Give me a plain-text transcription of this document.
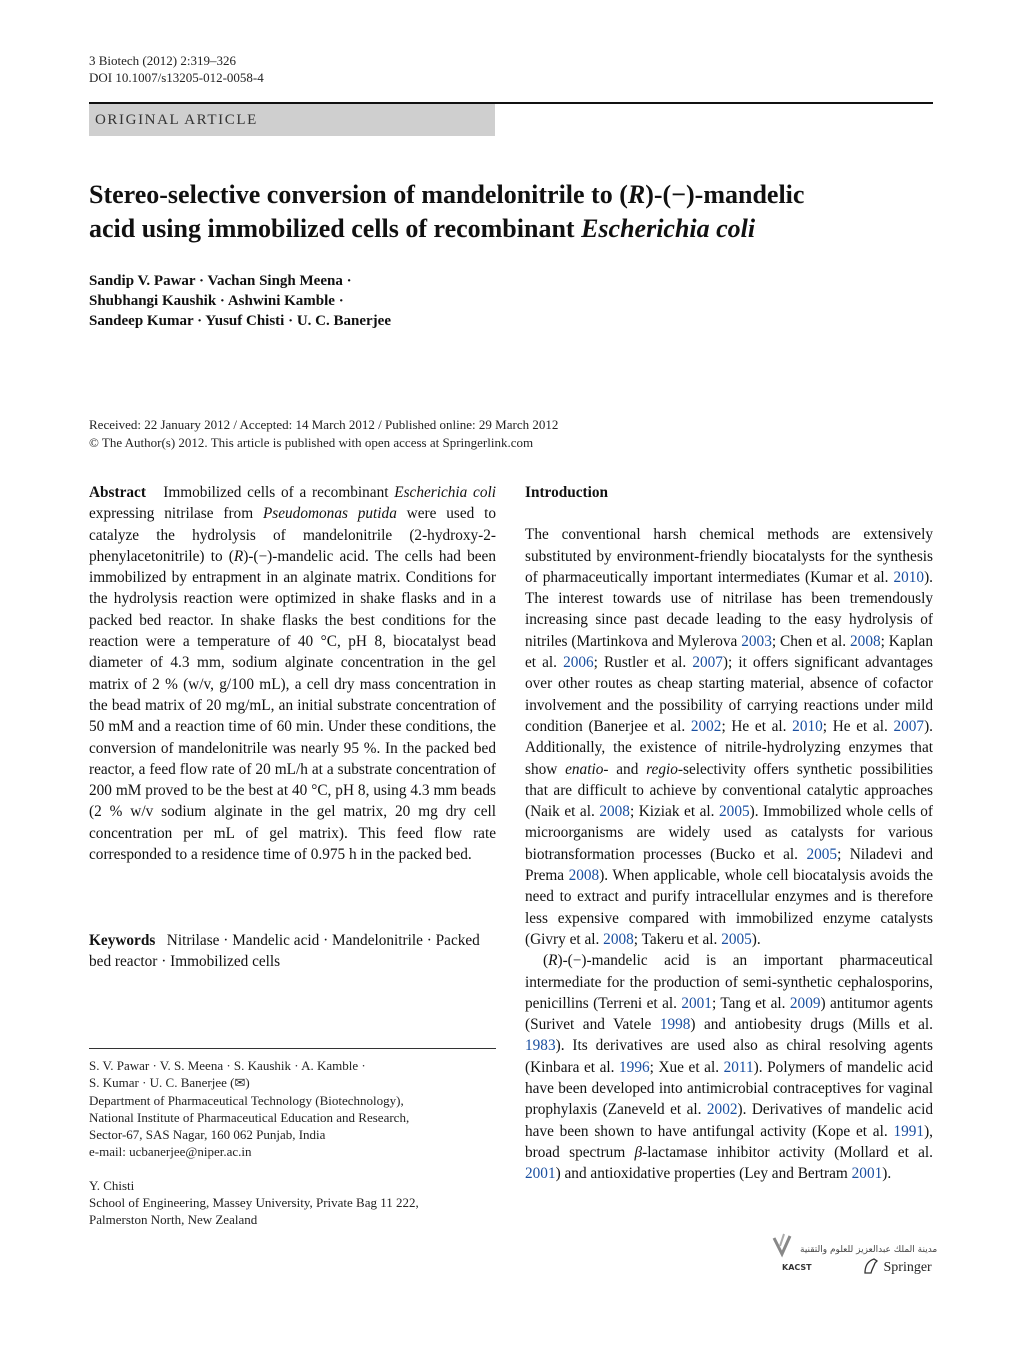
3 Biotech (2012) 2:319–326
DOI 10.1007/s13205-012-0058-4
ORIGINAL ARTICLE
Stereo-selective conversion of mandelonitrile to (R)-(−)-mandelic
acid using immobilized cells of recombinant Escherichia coli
Sandip V. Pawar · Vachan Singh Meena ·
Shubhangi Kaushik · Ashwini Kamble ·
Sandeep Kumar · Yusuf Chisti · U. C. Banerjee
Received: 22 January 2012 / Accepted: 14 March 2012 / Published online: 29 March 2012
© The Author(s) 2012. This article is published with open access at Springerlink.com

Abstract Immobilized cells of a recombinant Escherichia coli expressing nitrilase from Pseudomonas putida were used to catalyze the hydrolysis of mandelonitrile (2-hydroxy-2-phenylacetonitrile) to (R)-(−)-mandelic acid. The cells had been immobilized by entrapment in an alginate matrix. Conditions for the hydrolysis reaction were optimized in shake flasks and in a packed bed reactor. In shake flasks the best conditions for the reaction were a temperature of 40 °C, pH 8, biocatalyst bead diameter of 4.3 mm, sodium alginate concentration in the gel matrix of 2 % (w/v, g/100 mL), a cell dry mass concentration in the bead matrix of 20 mg/mL, an initial substrate concentration of 50 mM and a reaction time of 60 min. Under these conditions, the conversion of mandelonitrile was nearly 95 %. In the packed bed reactor, a feed flow rate of 20 mL/h at a substrate concentration of 200 mM proved to be the best at 40 °C, pH 8, using 4.3 mm beads (2 % w/v sodium alginate in the gel matrix, 20 mg dry cell concentration per mL of gel matrix). This feed flow rate corresponded to a residence time of 0.975 h in the packed bed.

Keywords Nitrilase · Mandelic acid · Mandelonitrile · Packed bed reactor · Immobilized cells

S. V. Pawar · V. S. Meena · S. Kaushik · A. Kamble ·

S. Kumar · U. C. Banerjee (✉)

Department of Pharmaceutical Technology (Biotechnology),

National Institute of Pharmaceutical Education and Research,

Sector-67, SAS Nagar, 160 062 Punjab, India

e-mail: ucbanerjee@niper.ac.in

Y. Chisti

School of Engineering, Massey University, Private Bag 11 222,

Palmerston North, New Zealand

Introduction

The conventional harsh chemical methods are extensively substituted by environment-friendly biocatalysts for the synthesis of pharmaceutically important intermediates (Kumar et al. 2010). The interest towards use of nitrilase has been tremendously increasing since past decade leading to the easy hydrolysis of nitriles (Martinkova and Mylerova 2003; Chen et al. 2008; Kaplan et al. 2006; Rustler et al. 2007); it offers significant advantages over other routes as cheap starting material, absence of cofactor involvement and the possibility of carrying reactions under mild condition (Banerjee et al. 2002; He et al. 2010; He et al. 2007). Additionally, the existence of nitrile-hydrolyzing enzymes that show enatio- and regio-selectivity offers synthetic possibilities that are difficult to achieve by conventional catalytic approaches (Naik et al. 2008; Kiziak et al. 2005). Immobilized whole cells of microorganisms are widely used as catalysts for various biotransformation processes (Bucko et al. 2005; Niladevi and Prema 2008). When applicable, whole cell biocatalysis avoids the need to extract and purify intracellular enzymes and is therefore less expensive compared with immobilized enzyme catalysts (Givry et al. 2008; Takeru et al. 2005).

(R)-(−)-mandelic acid is an important pharmaceutical intermediate for the production of semi-synthetic cephalosporins, penicillins (Terreni et al. 2001; Tang et al. 2009) antitumor agents (Surivet and Vatele 1998) and antiobesity drugs (Mills et al. 1983). Its derivatives are used also as chiral resolving agents (Kinbara et al. 1996; Xue et al. 2011). Polymers of mandelic acid have been developed into antimicrobial contraceptives for vaginal prophylaxis (Zaneveld et al. 2002). Derivatives of mandelic acid have been shown to have antifungal activity (Kope et al. 1991), broad spectrum β-lactamase inhibitor activity (Mollard et al. 2001) and antioxidative properties (Ley and Bertram 2001).

مدينة الملك عبدالعزيز للعلوم والتقنية
KACST	Springer
